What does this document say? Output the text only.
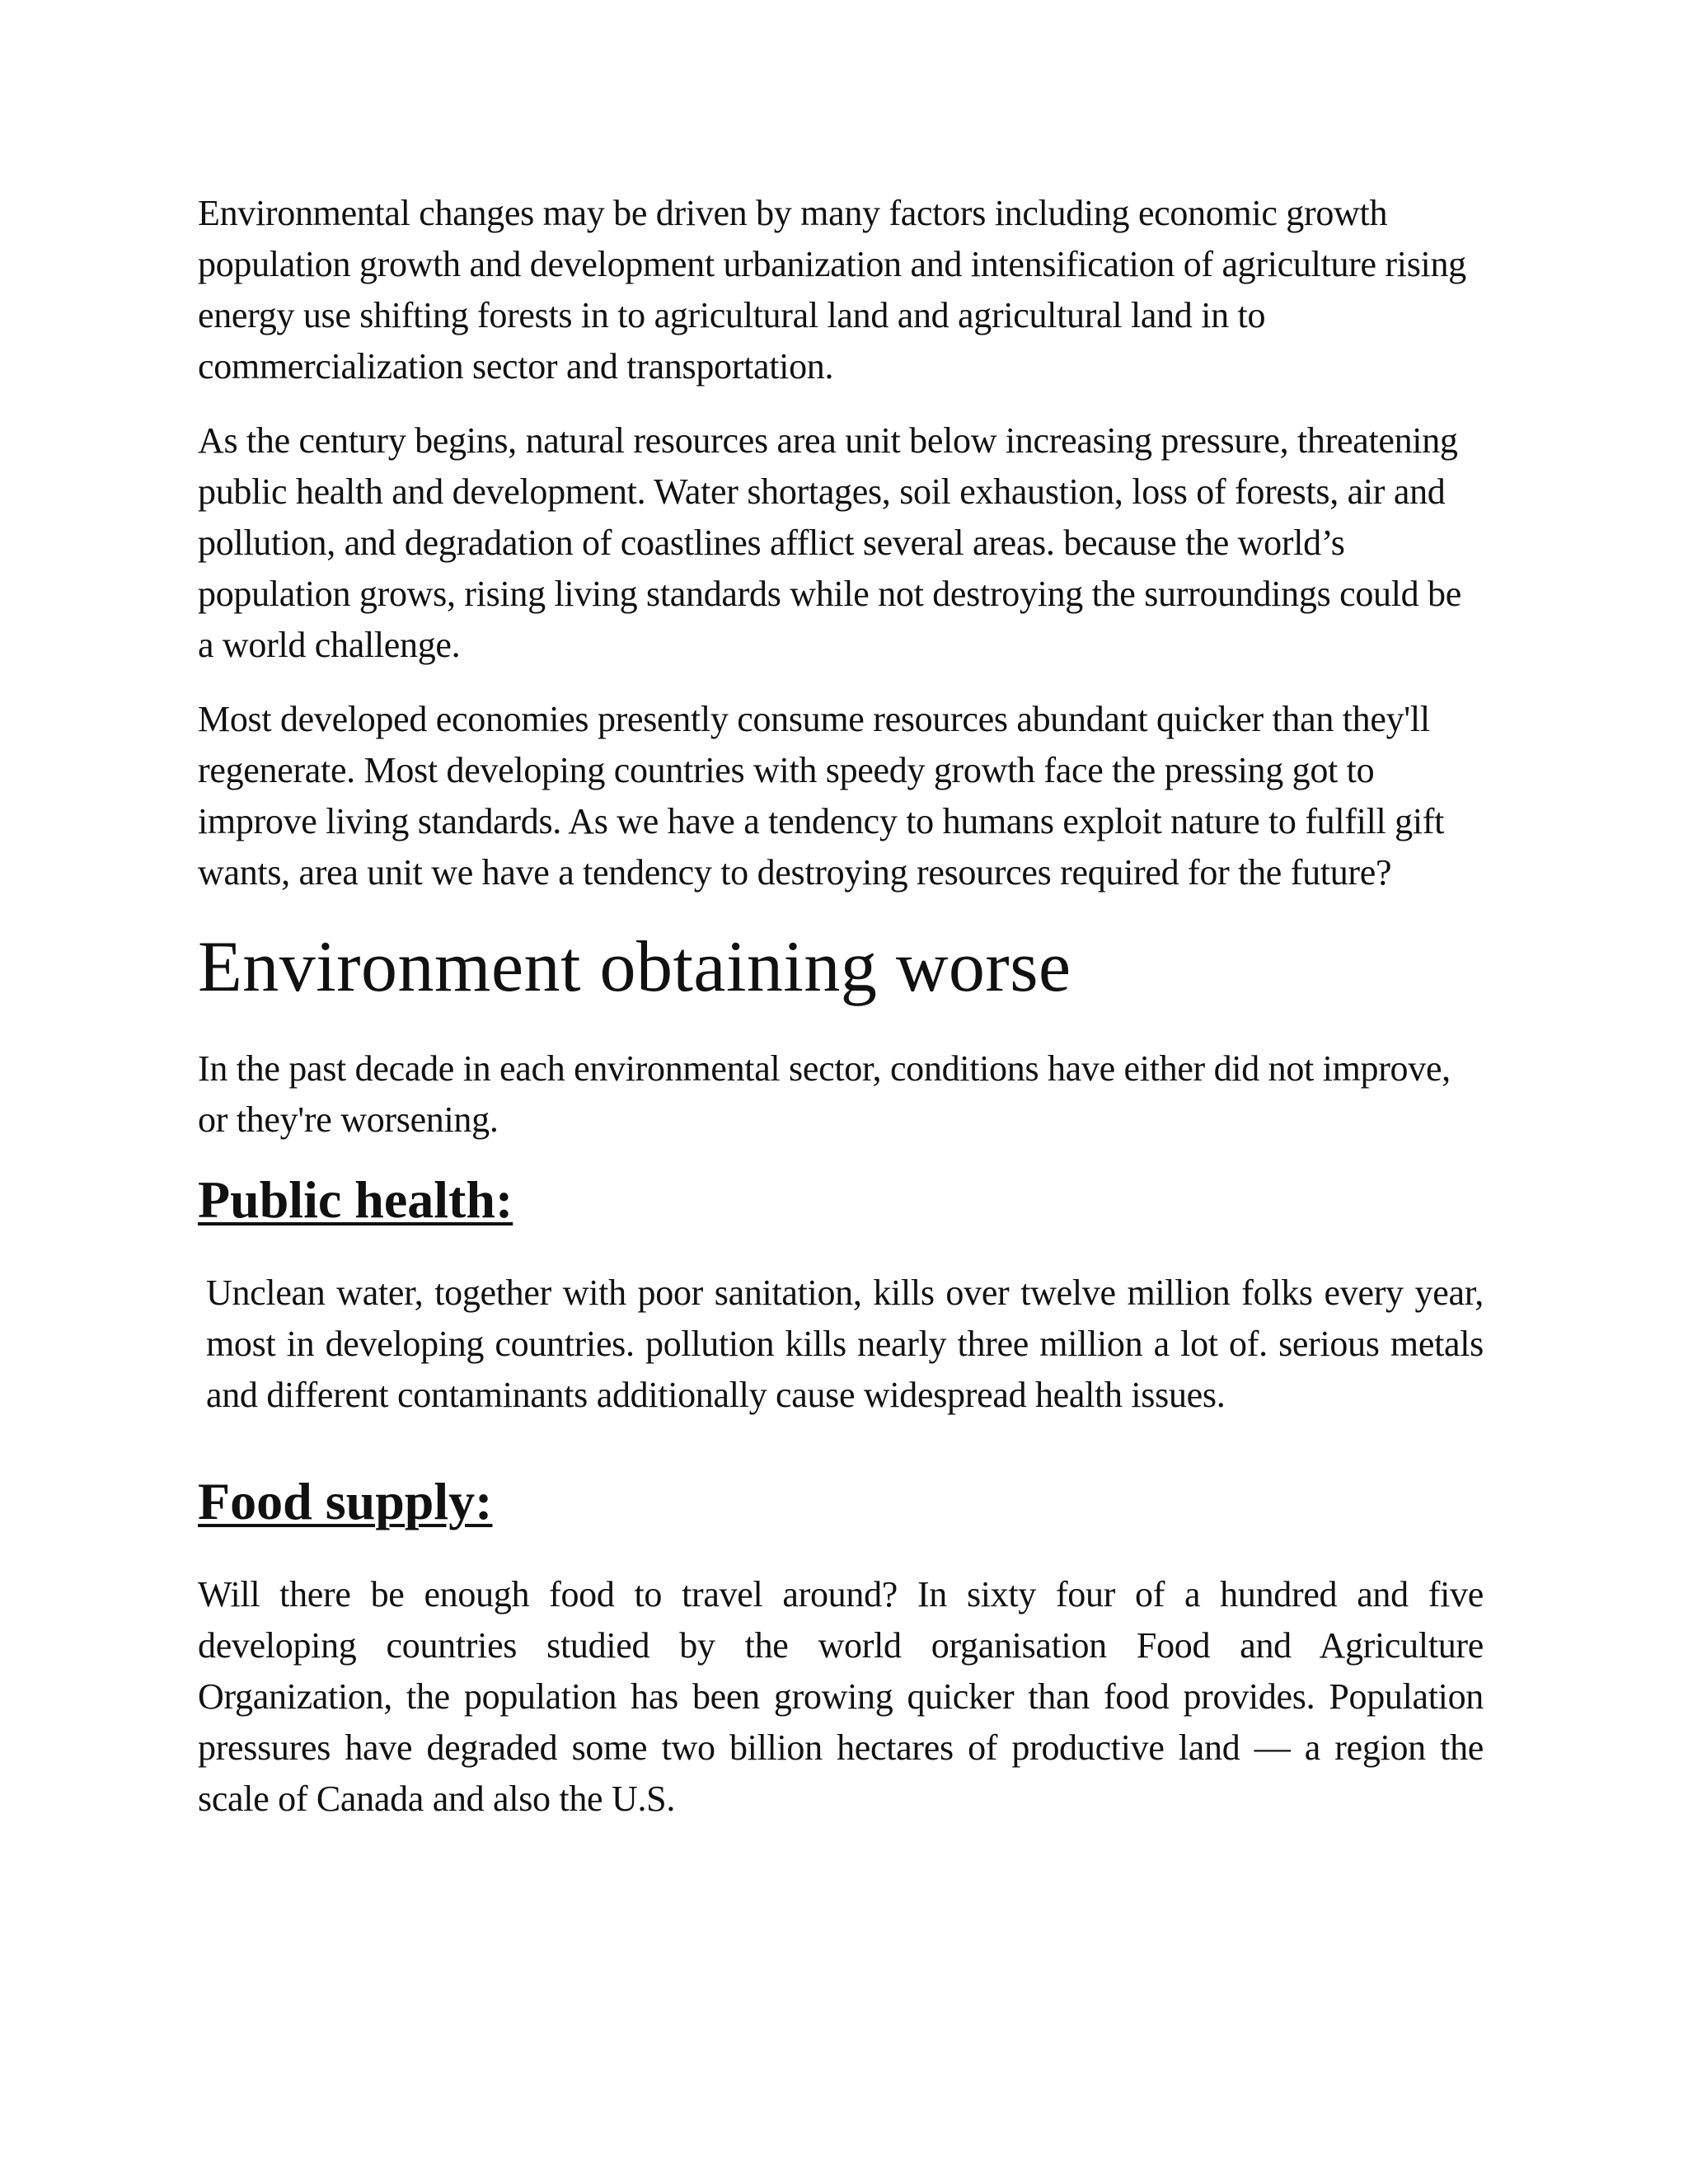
Environmental changes may be driven by many factors including economic growth population growth and development urbanization and intensification of agriculture rising energy use shifting forests in to agricultural land and agricultural land in to commercialization sector and transportation.

As the century begins, natural resources area unit below increasing pressure, threatening public health and development. Water shortages, soil exhaustion, loss of forests, air and pollution, and degradation of coastlines afflict several areas. because the world’s population grows, rising living standards while not destroying the surroundings could be a world challenge.

Most developed economies presently consume resources abundant quicker than they'll regenerate. Most developing countries with speedy growth face the pressing got to improve living standards. As we have a tendency to humans exploit nature to fulfill gift wants, area unit we have a tendency to destroying resources required for the future?

Environment obtaining worse

In the past decade in each environmental sector, conditions have either did not improve, or they're worsening.

Public health:

Unclean water, together with poor sanitation, kills over twelve million folks every year, most in developing countries. pollution kills nearly three million a lot of. serious metals and different contaminants additionally cause widespread health issues.

Food supply:

Will there be enough food to travel around? In sixty four of a hundred and five developing countries studied by the world organisation Food and Agriculture Organization, the population has been growing quicker than food provides. Population pressures have degraded some two billion hectares of productive land — a region the scale of Canada and also the U.S.
